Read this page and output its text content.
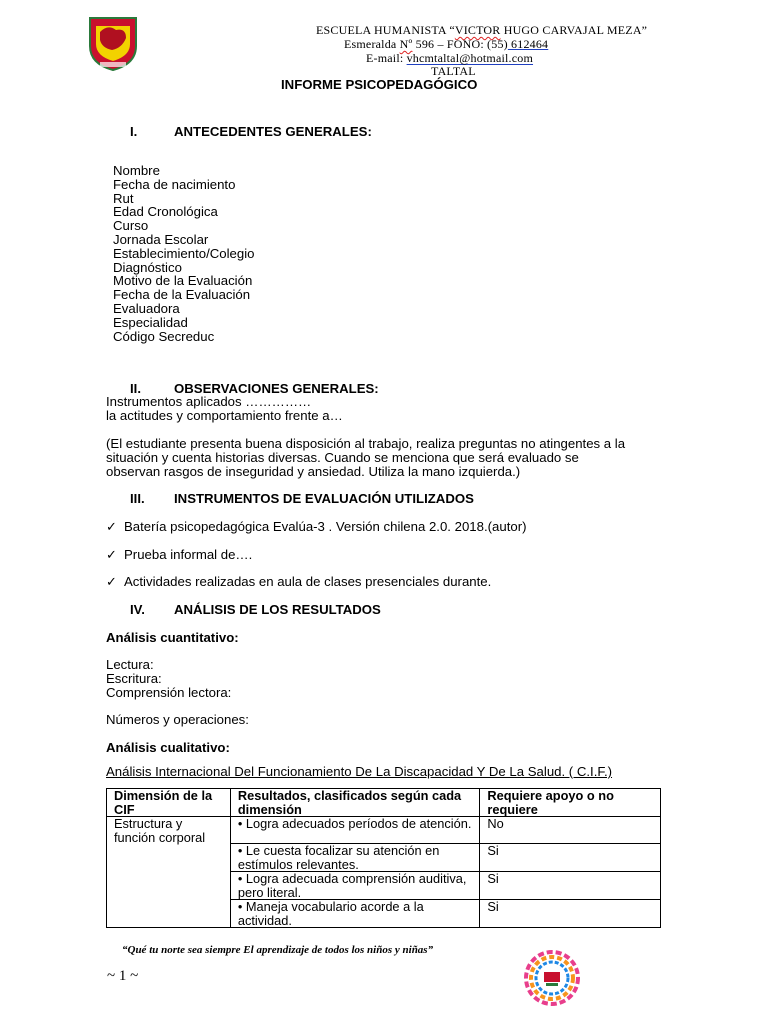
ESCUELA HUMANISTA “VICTOR HUGO CARVAJAL MEZA”
Esmeralda Nº 596 – FONO: (55) 612464
E-mail: vhcmtaltal@hotmail.com
TALTAL
INFORME PSICOPEDAGÓGICO
I.	ANTECEDENTES GENERALES:
Nombre
Fecha de nacimiento
Rut
Edad Cronológica
Curso
Jornada Escolar
Establecimiento/Colegio
Diagnóstico
Motivo de la Evaluación
Fecha de la Evaluación
Evaluadora
Especialidad
Código Secreduc
II.	OBSERVACIONES GENERALES:
Instrumentos aplicados ……………
la actitudes y comportamiento frente a…
(El estudiante presenta buena disposición al trabajo, realiza preguntas no atingentes a la
situación y cuenta historias diversas. Cuando se menciona que será evaluado se
observan rasgos de inseguridad y ansiedad. Utiliza la mano izquierda.)
III. INSTRUMENTOS DE EVALUACIÓN UTILIZADOS
✓ Batería psicopedagógica Evalúa-3 . Versión chilena 2.0. 2018.(autor)
✓ Prueba informal de….
✓ Actividades realizadas en aula de clases presenciales durante.
IV. ANÁLISIS DE LOS RESULTADOS
Análisis cuantitativo:
Lectura:
Escritura:
Comprensión lectora:
Números y operaciones:
Análisis cualitativo:
Análisis Internacional Del Funcionamiento De La Discapacidad Y De La Salud. ( C.I.F.)
Dimensión de la CIF	Resultados, clasificados según cada dimensión	Requiere apoyo o no requiere
Estructura y función corporal	• Logra adecuados períodos de atención.	No
	• Le cuesta focalizar su atención en estímulos relevantes.	Si
	• Logra adecuada comprensión auditiva, pero literal.	Si
	• Maneja vocabulario acorde a la actividad.	Si
“Qué tu norte sea siempre El aprendizaje de todos los niños y niñas”
~ 1 ~
